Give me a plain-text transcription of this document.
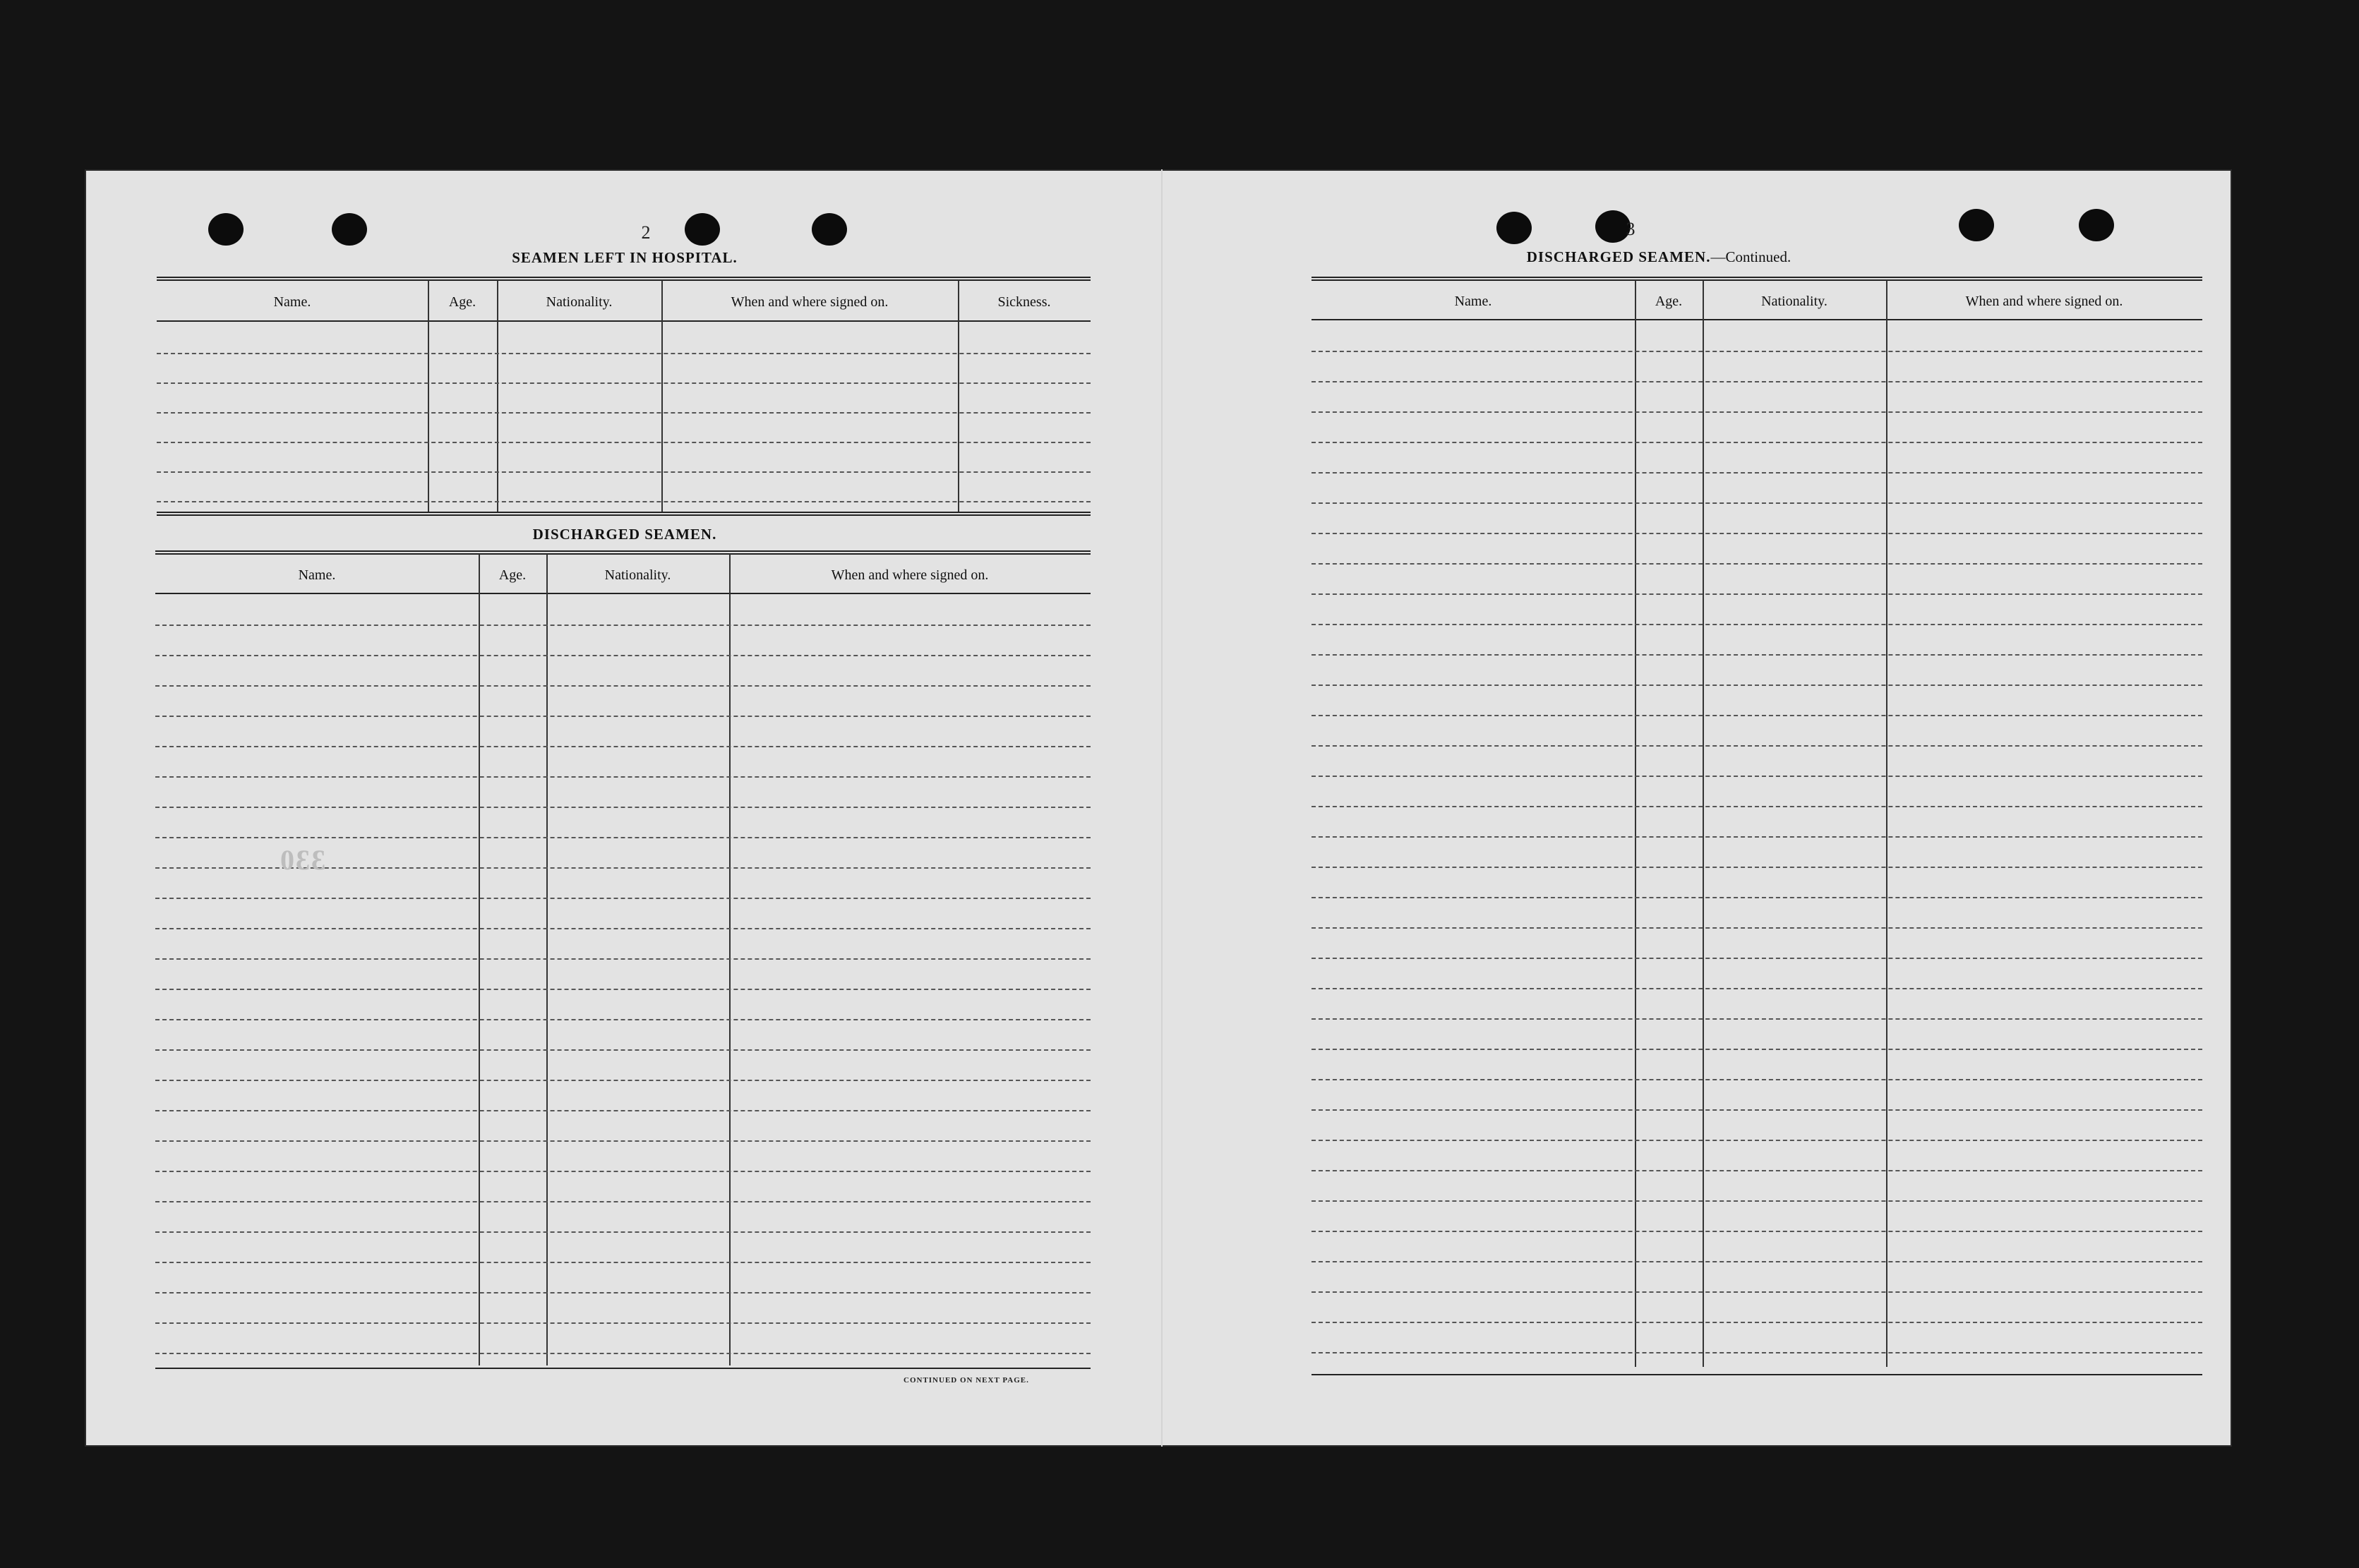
2
SEAMEN LEFT IN HOSPITAL.
Name.	Age.	Nationality.	When and where signed on.	Sickness.
DISCHARGED SEAMEN.
Name.	Age.	Nationality.	When and where signed on.
330
CONTINUED ON NEXT PAGE.
3
DISCHARGED SEAMEN.—Continued.
Name.	Age.	Nationality.	When and where signed on.
